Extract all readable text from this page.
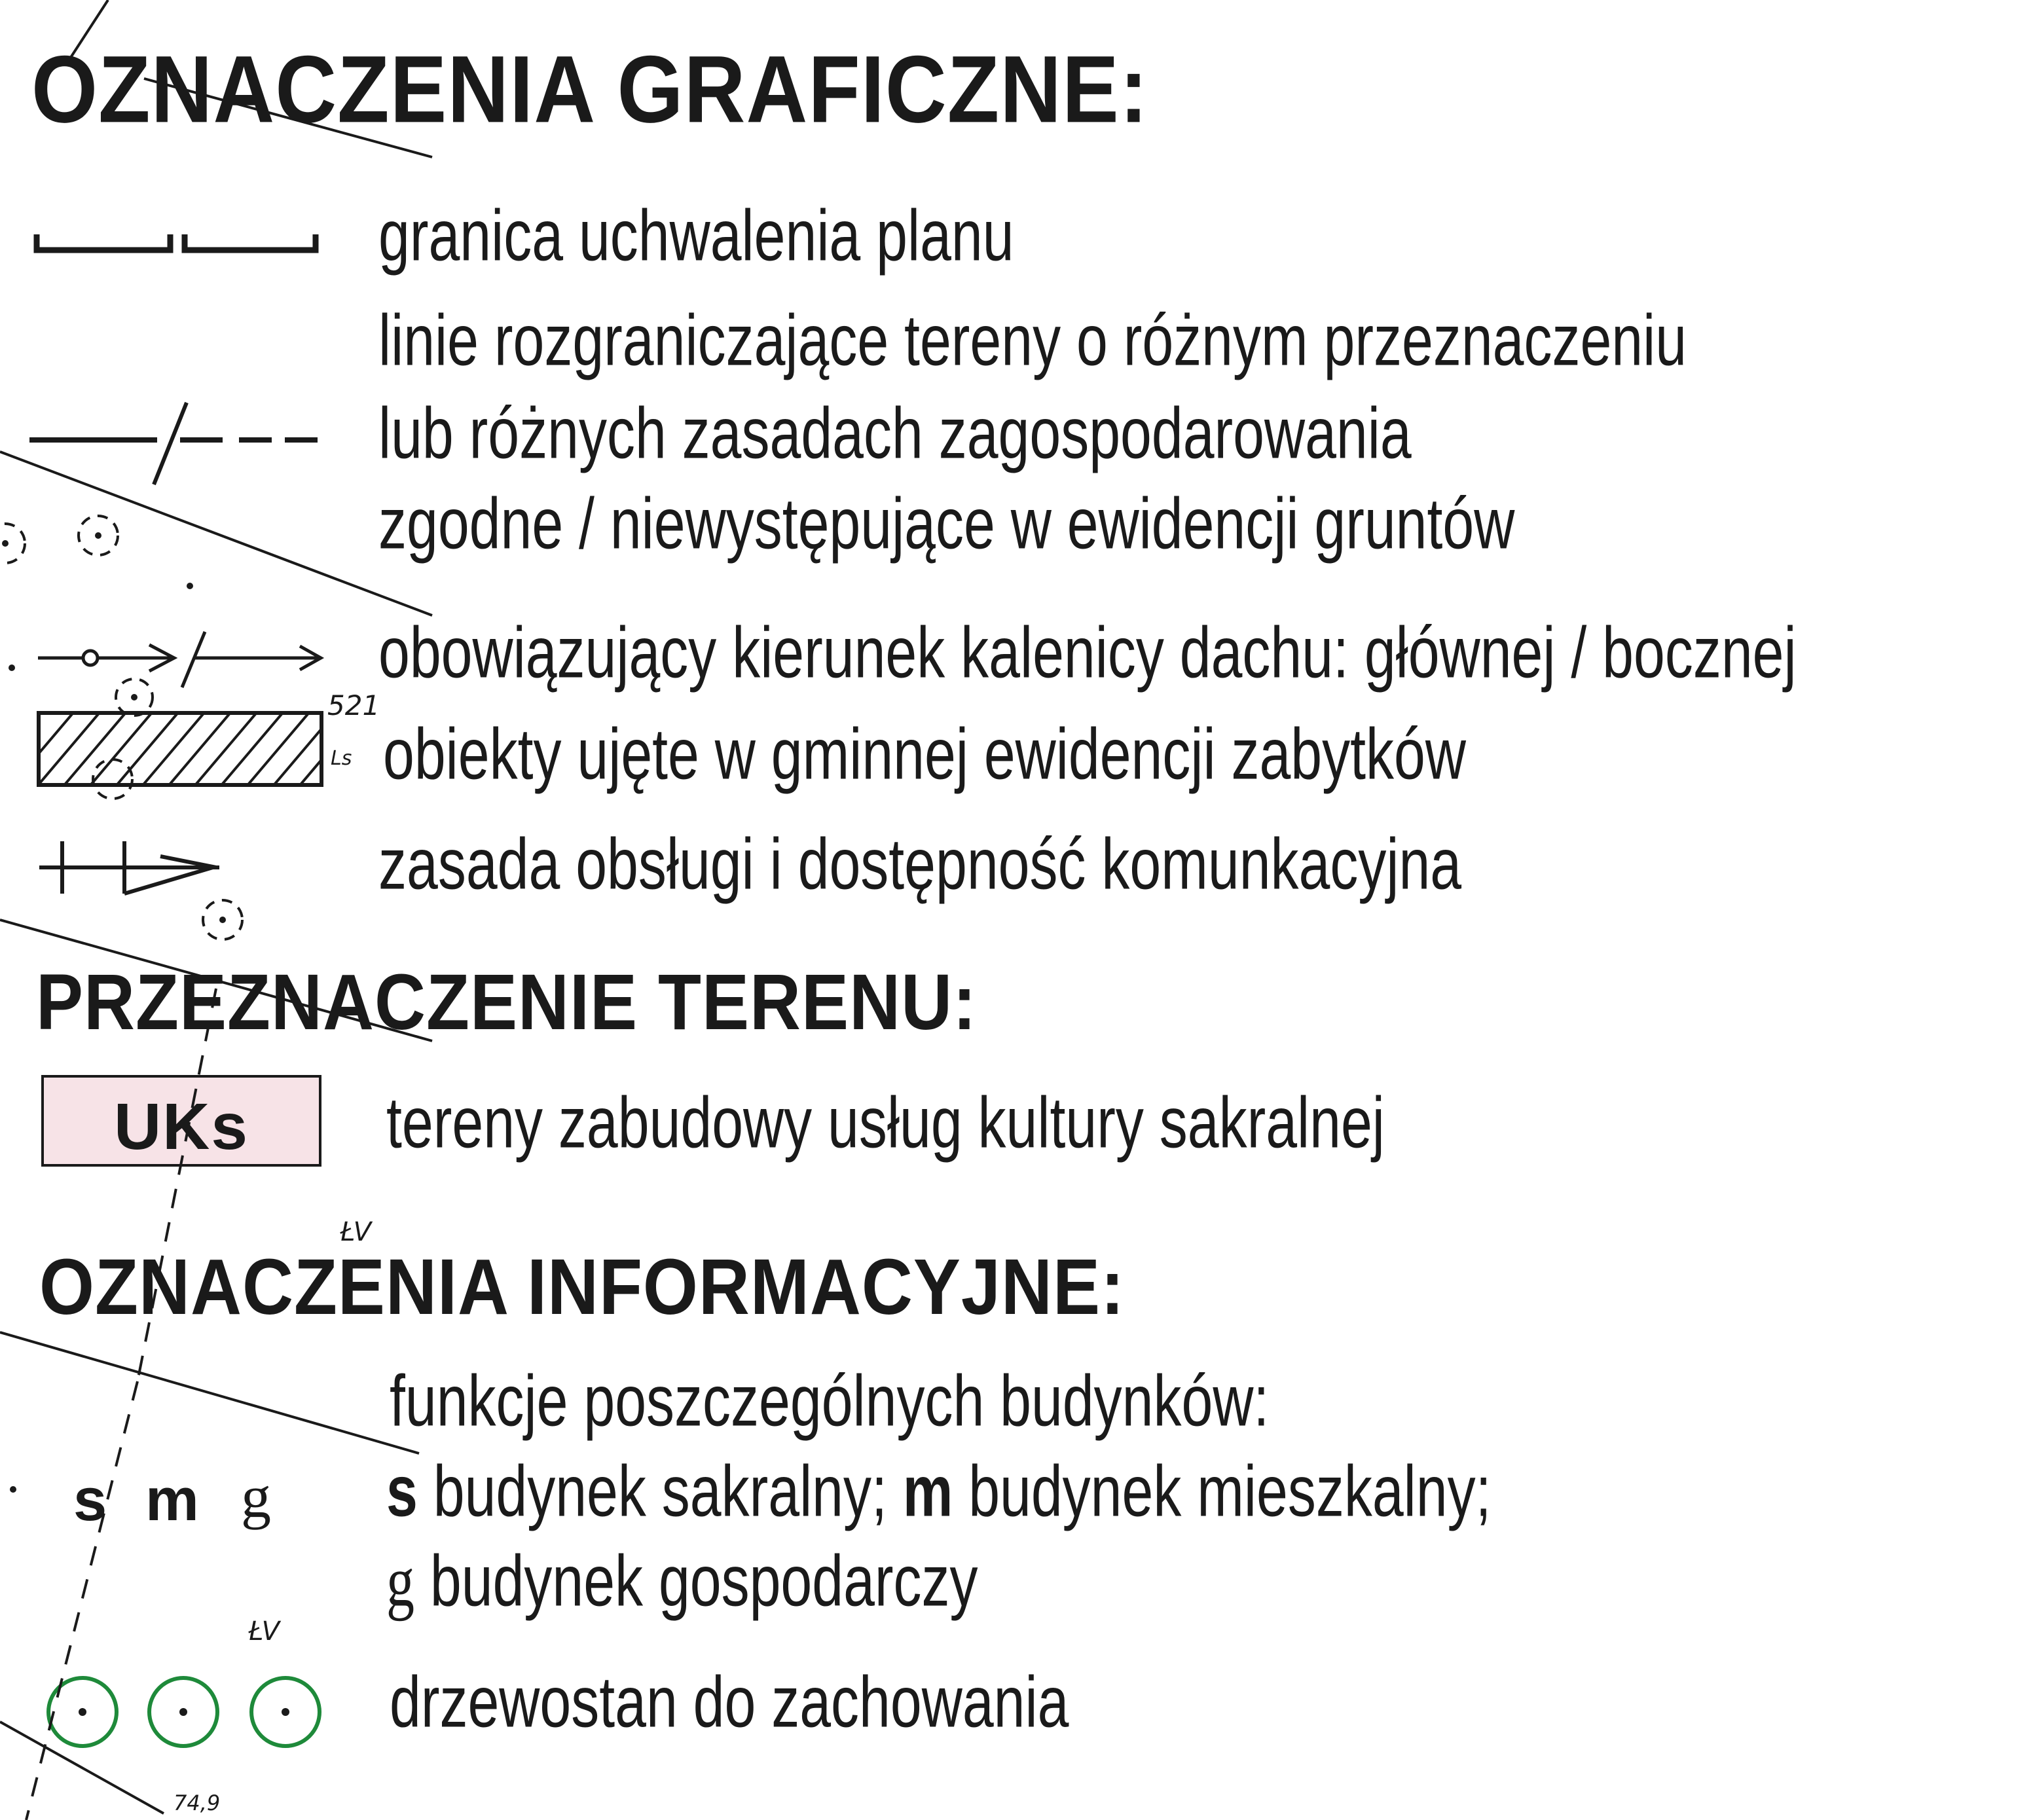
OZNACZENIA GRAFICZNE:
granica uchwalenia planu
linie rozgraniczające tereny o różnym przeznaczeniu
lub różnych zasadach zagospodarowania
zgodne / niewystępujące w ewidencji gruntów
obowiązujący kierunek kalenicy dachu: głównej / bocznej
obiekty ujęte w gminnej ewidencji zabytków
zasada obsługi i dostępność komunkacyjna
PRZEZNACZENIE TERENU:
UKs	tereny zabudowy usług kultury sakralnej
OZNACZENIA INFORMACYJNE:
funkcje poszczególnych budynków:
s m g s budynek sakralny; m budynek mieszkalny;
g budynek gospodarczy
drzewostan do zachowania
521
Ls
ŁV
ŁV
74,9
